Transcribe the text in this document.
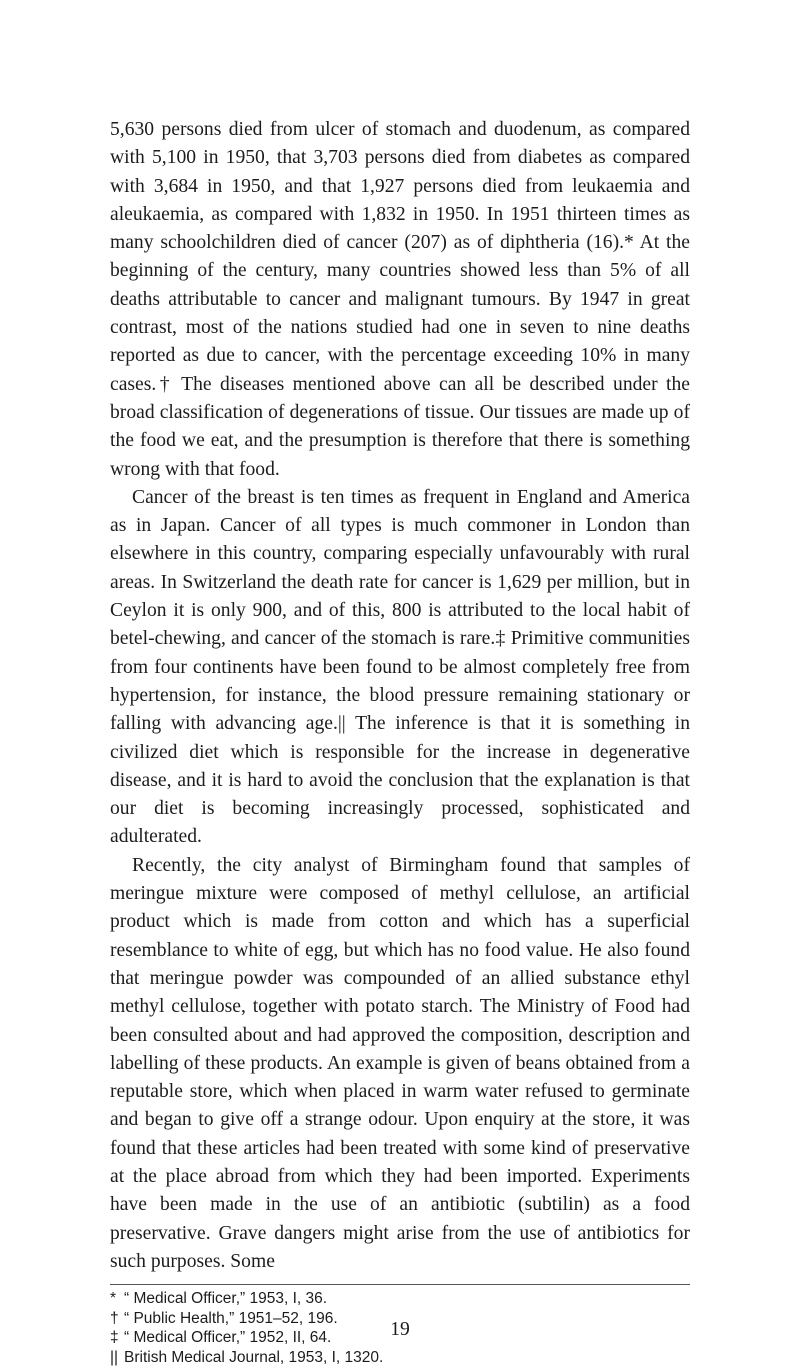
5,630 persons died from ulcer of stomach and duodenum, as compared with 5,100 in 1950, that 3,703 persons died from diabetes as compared with 3,684 in 1950, and that 1,927 persons died from leukaemia and aleukaemia, as compared with 1,832 in 1950. In 1951 thirteen times as many schoolchildren died of cancer (207) as of diphtheria (16).* At the beginning of the century, many countries showed less than 5% of all deaths attributable to cancer and malignant tumours. By 1947 in great contrast, most of the nations studied had one in seven to nine deaths reported as due to cancer, with the percentage exceeding 10% in many cases.† The diseases mentioned above can all be described under the broad classification of degenerations of tissue. Our tissues are made up of the food we eat, and the presumption is therefore that there is something wrong with that food.

Cancer of the breast is ten times as frequent in England and America as in Japan. Cancer of all types is much commoner in London than elsewhere in this country, comparing especially unfavourably with rural areas. In Switzerland the death rate for cancer is 1,629 per million, but in Ceylon it is only 900, and of this, 800 is attributed to the local habit of betel-chewing, and cancer of the stomach is rare.‡ Primitive communities from four continents have been found to be almost completely free from hypertension, for instance, the blood pressure remaining stationary or falling with advancing age.|| The inference is that it is something in civilized diet which is responsible for the increase in degenerative disease, and it is hard to avoid the conclusion that the explanation is that our diet is becoming increasingly processed, sophisticated and adulterated.

Recently, the city analyst of Birmingham found that samples of meringue mixture were composed of methyl cellulose, an artificial product which is made from cotton and which has a superficial resemblance to white of egg, but which has no food value. He also found that meringue powder was compounded of an allied substance ethyl methyl cellulose, together with potato starch. The Ministry of Food had been consulted about and had approved the composition, description and labelling of these products. An example is given of beans obtained from a reputable store, which when placed in warm water refused to germinate and began to give off a strange odour. Upon enquiry at the store, it was found that these articles had been treated with some kind of preservative at the place abroad from which they had been imported. Experiments have been made in the use of an antibiotic (subtilin) as a food preservative. Grave dangers might arise from the use of antibiotics for such purposes. Some

* “ Medical Officer,” 1953, I, 36.
† “ Public Health,” 1951–52, 196.
‡ “ Medical Officer,” 1952, II, 64.
|| British Medical Journal, 1953, I, 1320.
19
